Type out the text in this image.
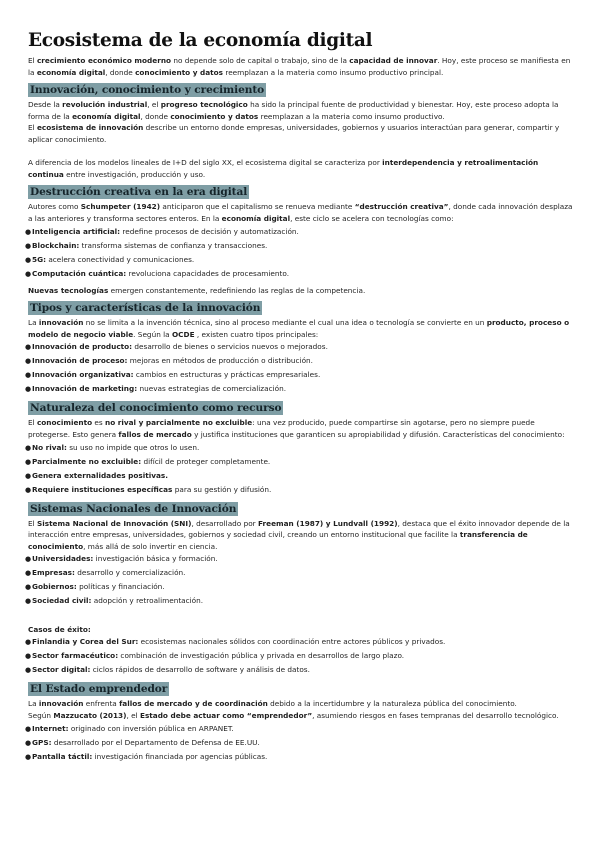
Ecosistema de la economía digital

El crecimiento económico moderno no depende solo de capital o trabajo, sino de la capacidad de innovar. Hoy, este proceso se manifiesta en la economía digital, donde conocimiento y datos reemplazan a la materia como insumo productivo principal.

Innovación, conocimiento y crecimiento

Desde la revolución industrial, el progreso tecnológico ha sido la principal fuente de productividad y bienestar. Hoy, este proceso adopta la forma de la economía digital, donde conocimiento y datos reemplazan a la materia como insumo productivo.

El ecosistema de innovación describe un entorno donde empresas, universidades, gobiernos y usuarios interactúan para generar, compartir y aplicar conocimiento.

A diferencia de los modelos lineales de I+D del siglo XX, el ecosistema digital se caracteriza por interdependencia y retroalimentación continua entre investigación, producción y uso.

Destrucción creativa en la era digital

Autores como Schumpeter (1942) anticiparon que el capitalismo se renueva mediante “destrucción creativa”, donde cada innovación desplaza a las anteriores y transforma sectores enteros. En la economía digital, este ciclo se acelera con tecnologías como:

● Inteligencia artificial: redefine procesos de decisión y automatización.
● Blockchain: transforma sistemas de confianza y transacciones.
● 5G: acelera conectividad y comunicaciones.
● Computación cuántica: revoluciona capacidades de procesamiento.

Nuevas tecnologías emergen constantemente, redefiniendo las reglas de la competencia.

Tipos y características de la innovación

La innovación no se limita a la invención técnica, sino al proceso mediante el cual una idea o tecnología se convierte en un producto, proceso o modelo de negocio viable. Según la OCDE , existen cuatro tipos principales:

● Innovación de producto: desarrollo de bienes o servicios nuevos o mejorados.
● Innovación de proceso: mejoras en métodos de producción o distribución.
● Innovación organizativa: cambios en estructuras y prácticas empresariales.
● Innovación de marketing: nuevas estrategias de comercialización.
Naturaleza del conocimiento como recurso

El conocimiento es no rival y parcialmente no excluible: una vez producido, puede compartirse sin agotarse, pero no siempre puede protegerse. Esto genera fallos de mercado y justifica instituciones que garanticen su apropiabilidad y difusión. Características del conocimiento:

● No rival: su uso no impide que otros lo usen.
● Parcialmente no excluible: difícil de proteger completamente.
● Genera externalidades positivas.
● Requiere instituciones específicas para su gestión y difusión.
Sistemas Nacionales de Innovación

El Sistema Nacional de Innovación (SNI), desarrollado por Freeman (1987) y Lundvall (1992), destaca que el éxito innovador depende de la interacción entre empresas, universidades, gobiernos y sociedad civil, creando un entorno institucional que facilite la transferencia de conocimiento, más allá de solo invertir en ciencia.

● Universidades: investigación básica y formación.
● Empresas: desarrollo y comercialización.
● Gobiernos: políticas y financiación.
● Sociedad civil: adopción y retroalimentación.

Casos de éxito:

● Finlandia y Corea del Sur: ecosistemas nacionales sólidos con coordinación entre actores públicos y privados.
● Sector farmacéutico: combinación de investigación pública y privada en desarrollos de largo plazo.
● Sector digital: ciclos rápidos de desarrollo de software y análisis de datos.
El Estado emprendedor

La innovación enfrenta fallos de mercado y de coordinación debido a la incertidumbre y la naturaleza pública del conocimiento.

Según Mazzucato (2013), el Estado debe actuar como “emprendedor”, asumiendo riesgos en fases tempranas del desarrollo tecnológico.

● Internet: originado con inversión pública en ARPANET.
● GPS: desarrollado por el Departamento de Defensa de EE.UU.
● Pantalla táctil: investigación financiada por agencias públicas.
